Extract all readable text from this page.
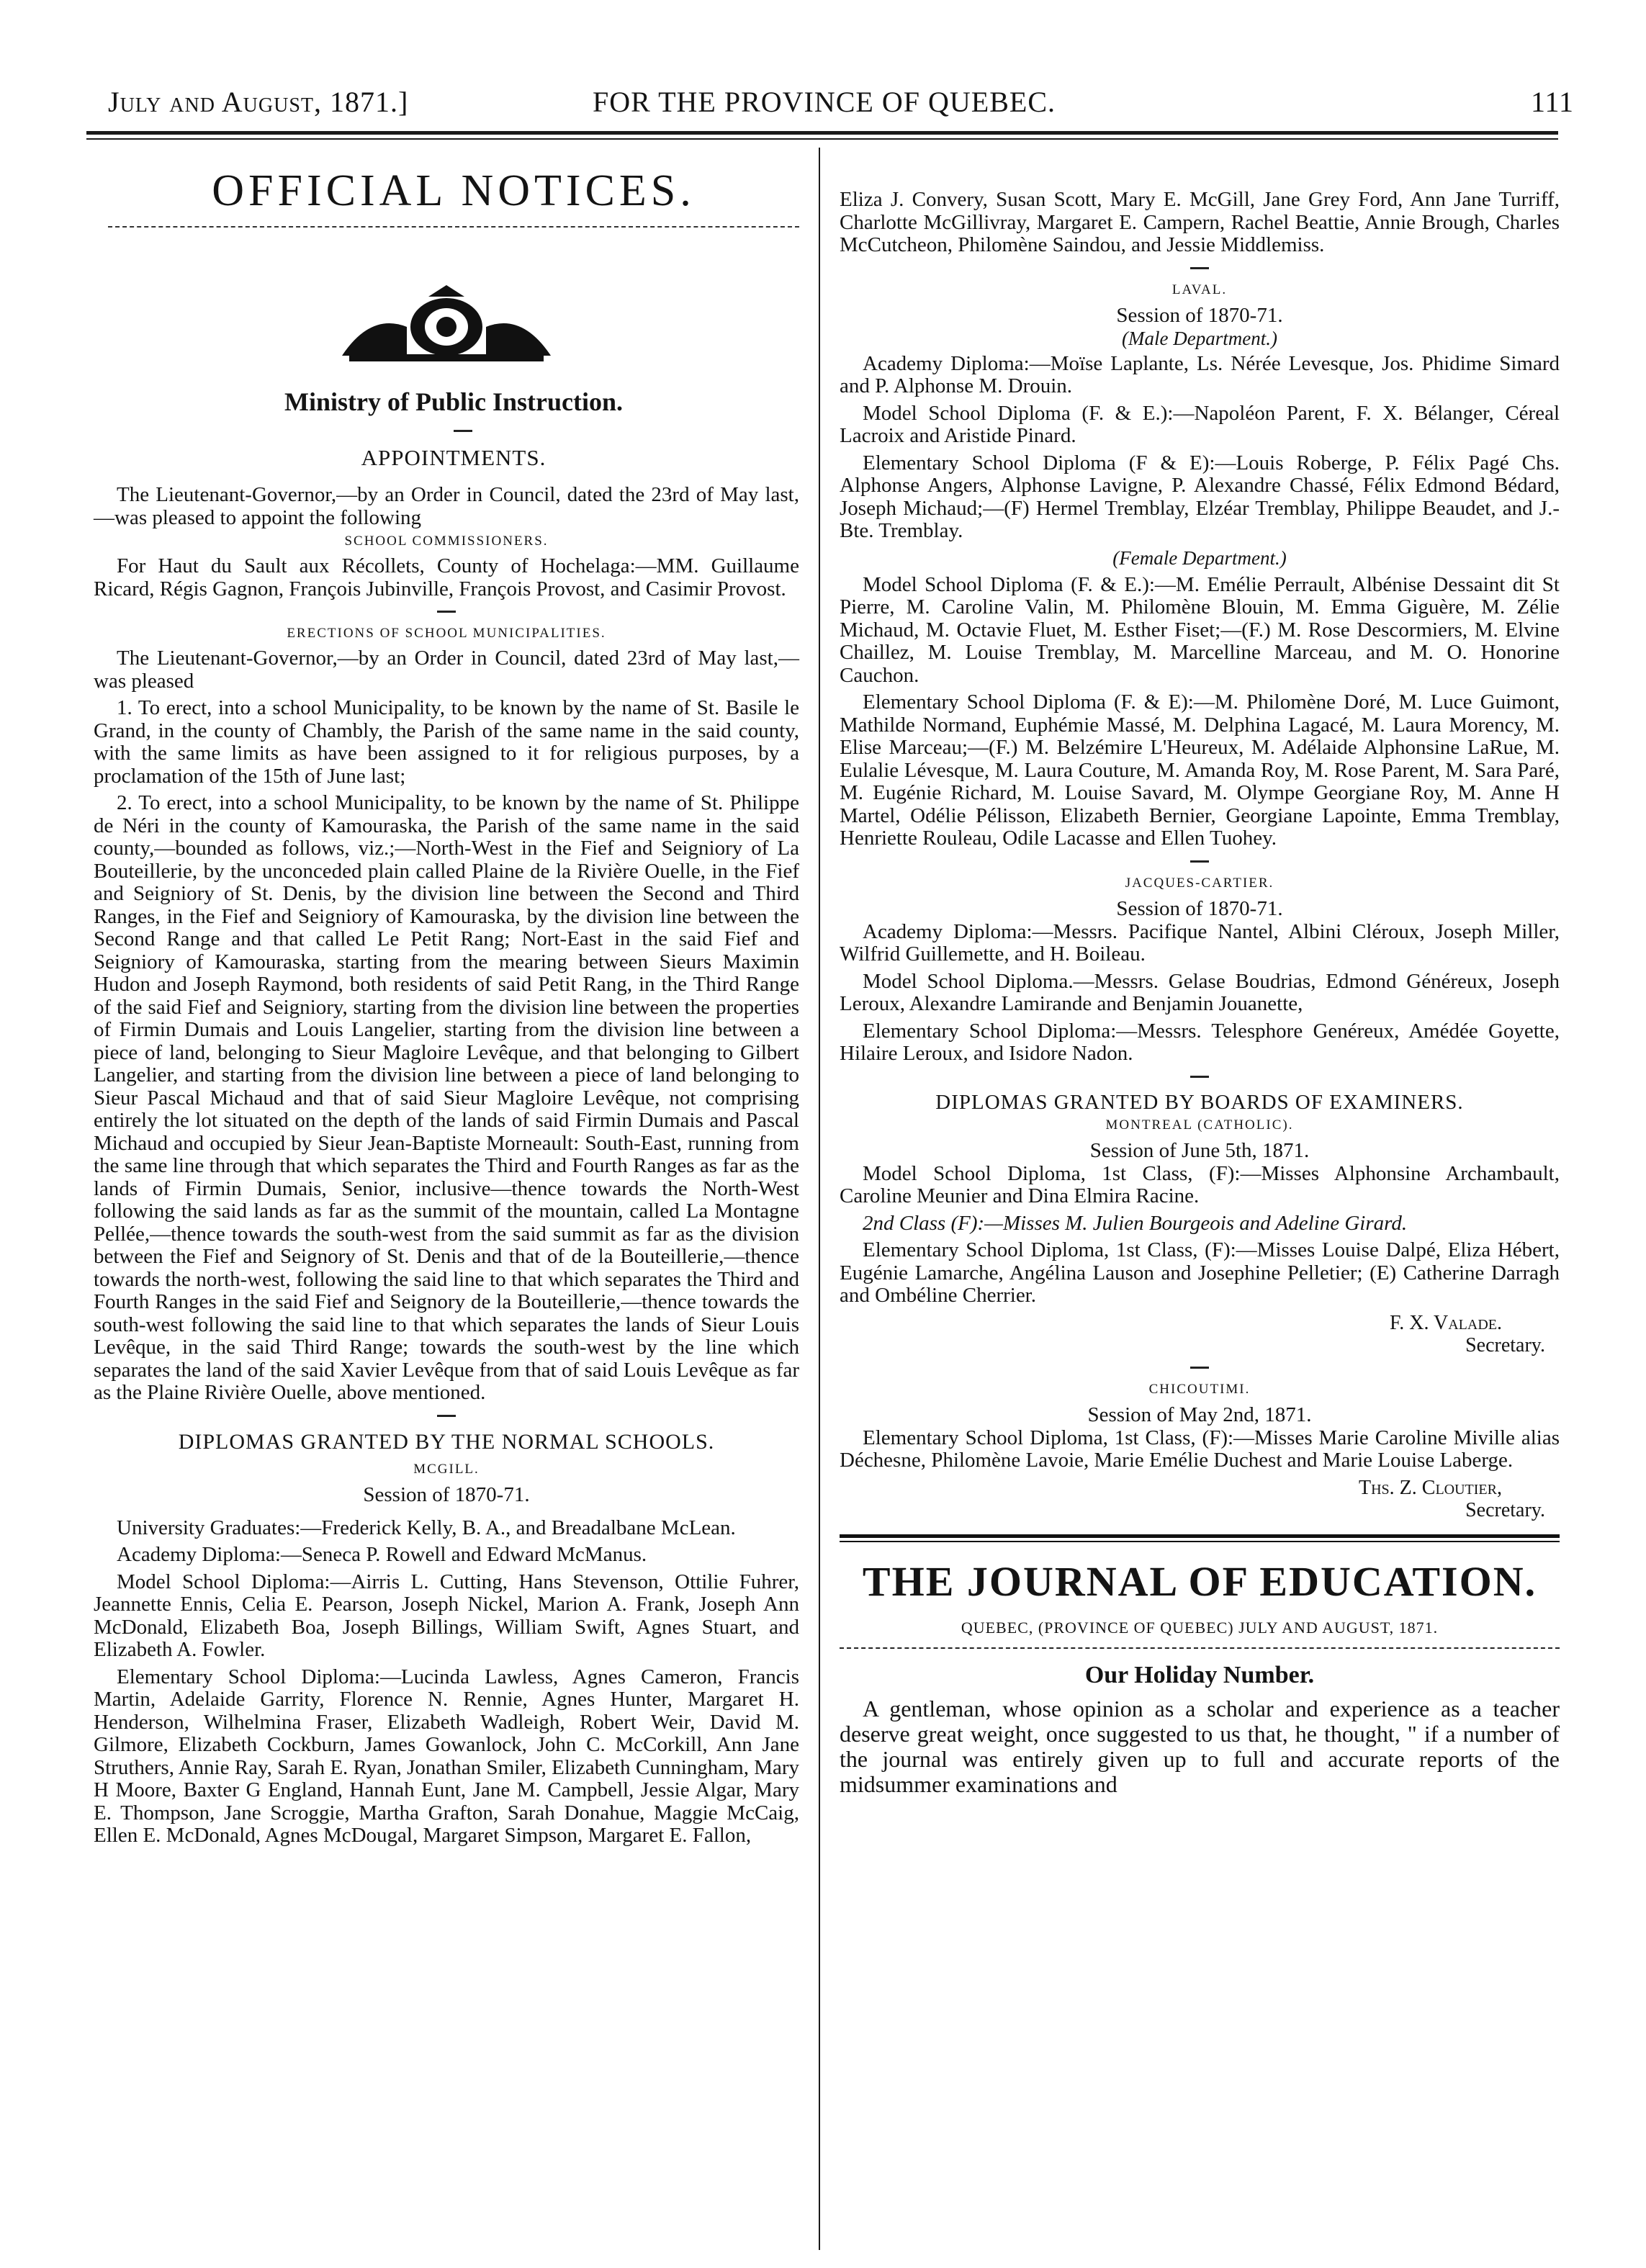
July and August, 1871.]	FOR THE PROVINCE OF QUEBEC.	111
OFFICIAL NOTICES.
Ministry of Public Instruction.
APPOINTMENTS.

The Lieutenant-Governor,—by an Order in Council, dated the 23rd of May last,—was pleased to appoint the following

SCHOOL COMMISSIONERS.

For Haut du Sault aux Récollets, County of Hochelaga:—MM. Guillaume Ricard, Régis Gagnon, François Jubinville, François Provost, and Casimir Provost.

ERECTIONS OF SCHOOL MUNICIPALITIES.

The Lieutenant-Governor,—by an Order in Council, dated 23rd of May last,—was pleased

1. To erect, into a school Municipality, to be known by the name of St. Basile le Grand, in the county of Chambly, the Parish of the same name in the said county, with the same limits as have been assigned to it for religious purposes, by a proclamation of the 15th of June last;

2. To erect, into a school Municipality, to be known by the name of St. Philippe de Néri in the county of Kamouraska, the Parish of the same name in the said county,—bounded as follows, viz.;—North-West in the Fief and Seigniory of La Bouteillerie, by the unconceded plain called Plaine de la Rivière Ouelle, in the Fief and Seigniory of St. Denis, by the division line between the Second and Third Ranges, in the Fief and Seigniory of Kamouraska, by the division line between the Second Range and that called Le Petit Rang; Nort-East in the said Fief and Seigniory of Kamouraska, starting from the mearing between Sieurs Maximin Hudon and Joseph Raymond, both residents of said Petit Rang, in the Third Range of the said Fief and Seigniory, starting from the division line between the properties of Firmin Dumais and Louis Langelier, starting from the division line between a piece of land, belonging to Sieur Magloire Levêque, and that belonging to Gilbert Langelier, and starting from the division line between a piece of land belonging to Sieur Pascal Michaud and that of said Sieur Magloire Levêque, not comprising entirely the lot situated on the depth of the lands of said Firmin Dumais and Pascal Michaud and occupied by Sieur Jean-Baptiste Morneault: South-East, running from the same line through that which separates the Third and Fourth Ranges as far as the lands of Firmin Dumais, Senior, inclusive—thence towards the North-West following the said lands as far as the summit of the mountain, called La Montagne Pellée,—thence towards the south-west from the said summit as far as the division between the Fief and Seignory of St. Denis and that of de la Bouteillerie,—thence towards the north-west, following the said line to that which separates the Third and Fourth Ranges in the said Fief and Seignory de la Bouteillerie,—thence towards the south-west following the said line to that which separates the lands of Sieur Louis Levêque, in the said Third Range; towards the south-west by the line which separates the land of the said Xavier Levêque from that of said Louis Levêque as far as the Plaine Rivière Ouelle, above mentioned.

DIPLOMAS GRANTED BY THE NORMAL SCHOOLS.
MCGILL.
Session of 1870-71.

University Graduates:—Frederick Kelly, B. A., and Breadalbane McLean.

Academy Diploma:—Seneca P. Rowell and Edward McManus.

Model School Diploma:—Airris L. Cutting, Hans Stevenson, Ottilie Fuhrer, Jeannette Ennis, Celia E. Pearson, Joseph Nickel, Marion A. Frank, Joseph Ann McDonald, Elizabeth Boa, Joseph Billings, William Swift, Agnes Stuart, and Elizabeth A. Fowler.

Elementary School Diploma:—Lucinda Lawless, Agnes Cameron, Francis Martin, Adelaide Garrity, Florence N. Rennie, Agnes Hunter, Margaret H. Henderson, Wilhelmina Fraser, Elizabeth Wadleigh, Robert Weir, David M. Gilmore, Elizabeth Cockburn, James Gowanlock, John C. McCorkill, Ann Jane Struthers, Annie Ray, Sarah E. Ryan, Jonathan Smiler, Elizabeth Cunningham, Mary H Moore, Baxter G England, Hannah Eunt, Jane M. Campbell, Jessie Algar, Mary E. Thompson, Jane Scroggie, Martha Grafton, Sarah Donahue, Maggie McCaig, Ellen E. McDonald, Agnes McDougal, Margaret Simpson, Margaret E. Fallon,

Eliza J. Convery, Susan Scott, Mary E. McGill, Jane Grey Ford, Ann Jane Turriff, Charlotte McGillivray, Margaret E. Campern, Rachel Beattie, Annie Brough, Charles McCutcheon, Philomène Saindou, and Jessie Middlemiss.

LAVAL.
Session of 1870-71.
(Male Department.)

Academy Diploma:—Moïse Laplante, Ls. Nérée Levesque, Jos. Phidime Simard and P. Alphonse M. Drouin.

Model School Diploma (F. & E.):—Napoléon Parent, F. X. Bélanger, Céreal Lacroix and Aristide Pinard.

Elementary School Diploma (F & E):—Louis Roberge, P. Félix Pagé Chs. Alphonse Angers, Alphonse Lavigne, P. Alexandre Chassé, Félix Edmond Bédard, Joseph Michaud;—(F) Hermel Tremblay, Elzéar Tremblay, Philippe Beaudet, and J.-Bte. Tremblay.

(Female Department.)

Model School Diploma (F. & E.):—M. Emélie Perrault, Albénise Dessaint dit St Pierre, M. Caroline Valin, M. Philomène Blouin, M. Emma Giguère, M. Zélie Michaud, M. Octavie Fluet, M. Esther Fiset;—(F.) M. Rose Descormiers, M. Elvine Chaillez, M. Louise Tremblay, M. Marcelline Marceau, and M. O. Honorine Cauchon.

Elementary School Diploma (F. & E):—M. Philomène Doré, M. Luce Guimont, Mathilde Normand, Euphémie Massé, M. Delphina Lagacé, M. Laura Morency, M. Elise Marceau;—(F.) M. Belzémire L'Heureux, M. Adélaide Alphonsine LaRue, M. Eulalie Lévesque, M. Laura Couture, M. Amanda Roy, M. Rose Parent, M. Sara Paré, M. Eugénie Richard, M. Louise Savard, M. Olympe Georgiane Roy, M. Anne H Martel, Odélie Pélisson, Elizabeth Bernier, Georgiane Lapointe, Emma Tremblay, Henriette Rouleau, Odile Lacasse and Ellen Tuohey.

JACQUES-CARTIER.
Session of 1870-71.

Academy Diploma:—Messrs. Pacifique Nantel, Albini Cléroux, Joseph Miller, Wilfrid Guillemette, and H. Boileau.

Model School Diploma.—Messrs. Gelase Boudrias, Edmond Généreux, Joseph Leroux, Alexandre Lamirande and Benjamin Jouanette,

Elementary School Diploma:—Messrs. Telesphore Genéreux, Amédée Goyette, Hilaire Leroux, and Isidore Nadon.

DIPLOMAS GRANTED BY BOARDS OF EXAMINERS.
MONTREAL (CATHOLIC).
Session of June 5th, 1871.

Model School Diploma, 1st Class, (F):—Misses Alphonsine Archambault, Caroline Meunier and Dina Elmira Racine.

2nd Class (F):—Misses M. Julien Bourgeois and Adeline Girard.

Elementary School Diploma, 1st Class, (F):—Misses Louise Dalpé, Eliza Hébert, Eugénie Lamarche, Angélina Lauson and Josephine Pelletier; (E) Catherine Darragh and Ombéline Cherrier.

F. X. Valade.

Secretary.

CHICOUTIMI.
Session of May 2nd, 1871.

Elementary School Diploma, 1st Class, (F):—Misses Marie Caroline Miville alias Déchesne, Philomène Lavoie, Marie Emélie Duchest and Marie Louise Laberge.

Ths. Z. Cloutier,

Secretary.

THE JOURNAL OF EDUCATION.
QUEBEC, (PROVINCE OF QUEBEC) JULY AND AUGUST, 1871.
Our Holiday Number.

A gentleman, whose opinion as a scholar and experience as a teacher deserve great weight, once suggested to us that, he thought, " if a number of the journal was entirely given up to full and accurate reports of the midsummer examinations and
